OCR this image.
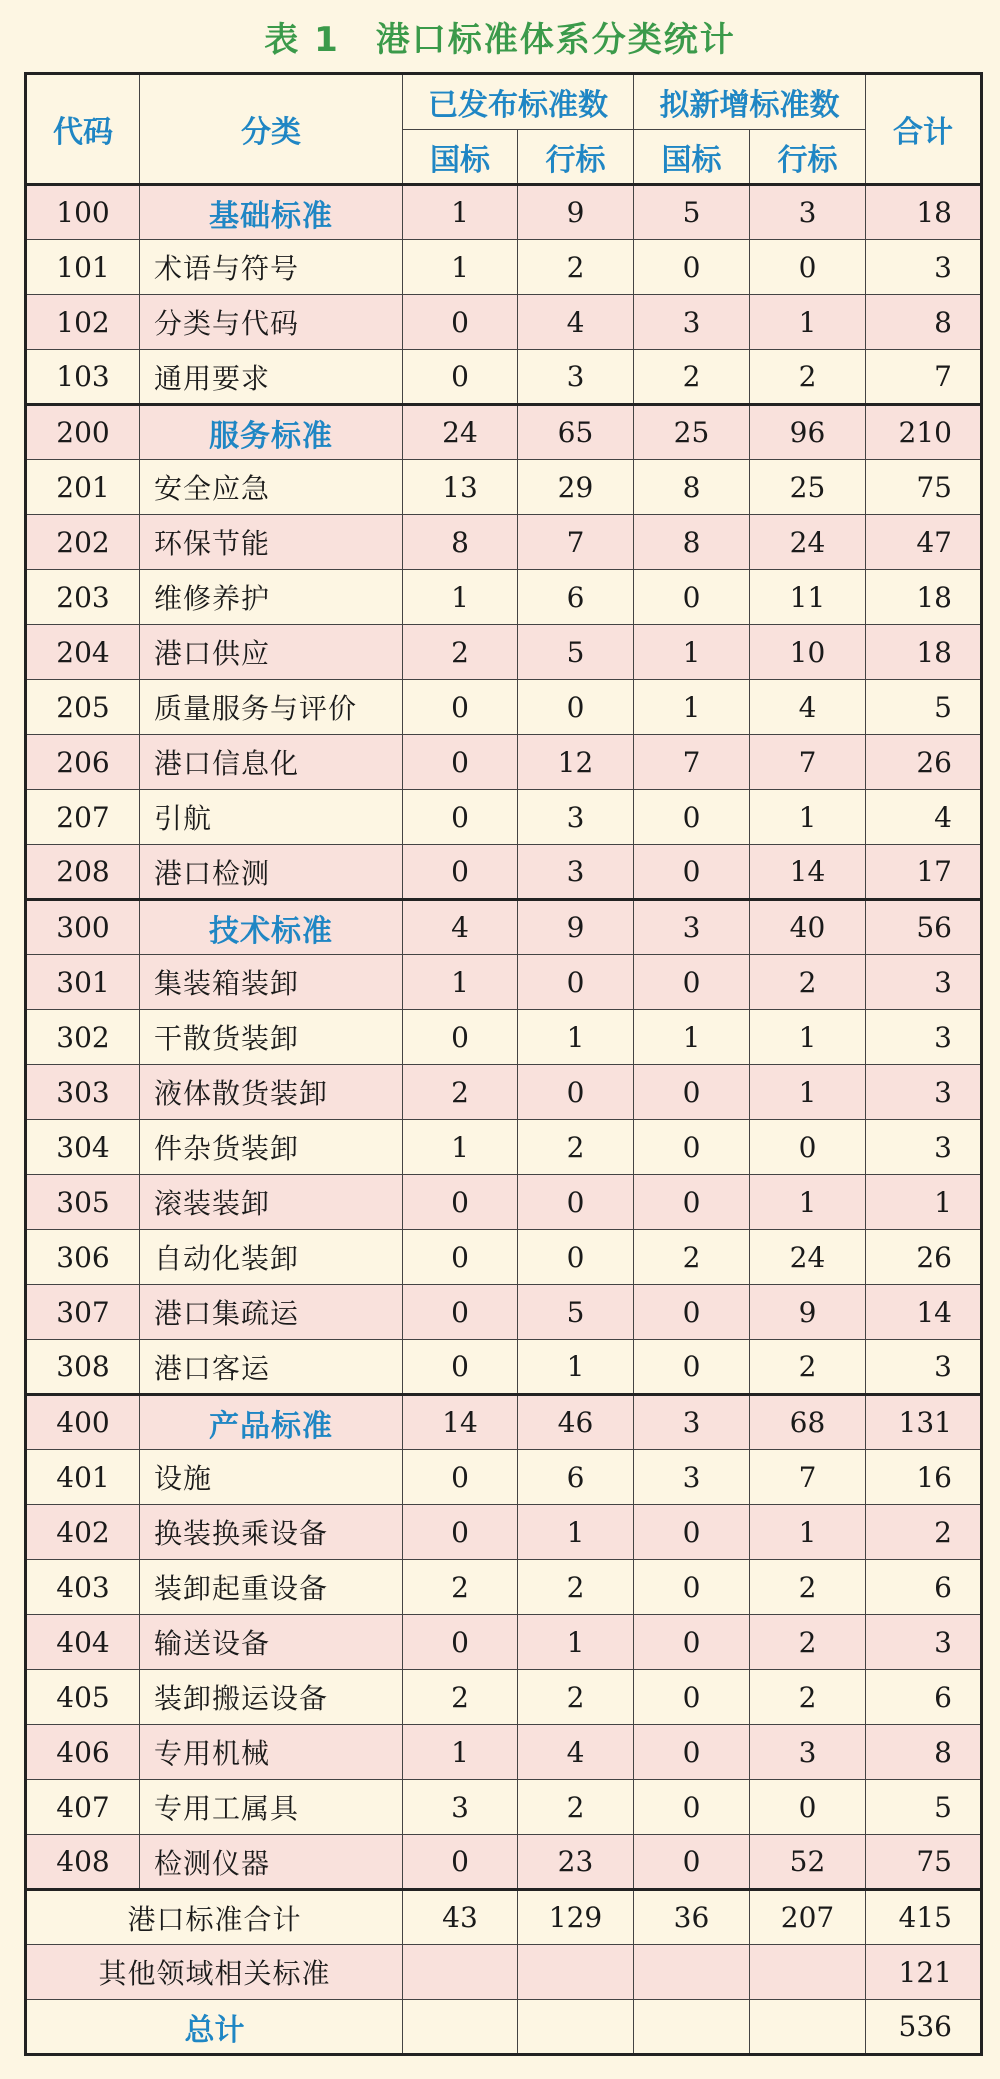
表 1　港口标准体系分类统计
代码	分类	已发布标准数		拟新增标准数		合计
		国标	行标	国标	行标	
100	基础标准	1	9	5	3	18
101	术语与符号	1	2	0	0	3
102	分类与代码	0	4	3	1	8
103	通用要求	0	3	2	2	7
200	服务标准	24	65	25	96	210
201	安全应急	13	29	8	25	75
202	环保节能	8	7	8	24	47
203	维修养护	1	6	0	11	18
204	港口供应	2	5	1	10	18
205	质量服务与评价	0	0	1	4	5
206	港口信息化	0	12	7	7	26
207	引航	0	3	0	1	4
208	港口检测	0	3	0	14	17
300	技术标准	4	9	3	40	56
301	集装箱装卸	1	0	0	2	3
302	干散货装卸	0	1	1	1	3
303	液体散货装卸	2	0	0	1	3
304	件杂货装卸	1	2	0	0	3
305	滚装装卸	0	0	0	1	1
306	自动化装卸	0	0	2	24	26
307	港口集疏运	0	5	0	9	14
308	港口客运	0	1	0	2	3
400	产品标准	14	46	3	68	131
401	设施	0	6	3	7	16
402	换装换乘设备	0	1	0	1	2
403	装卸起重设备	2	2	0	2	6
404	输送设备	0	1	0	2	3
405	装卸搬运设备	2	2	0	2	6
406	专用机械	1	4	0	3	8
407	专用工属具	3	2	0	0	5
408	检测仪器	0	23	0	52	75
港口标准合计		43	129	36	207	415
其他领域相关标准						121
总计						536
